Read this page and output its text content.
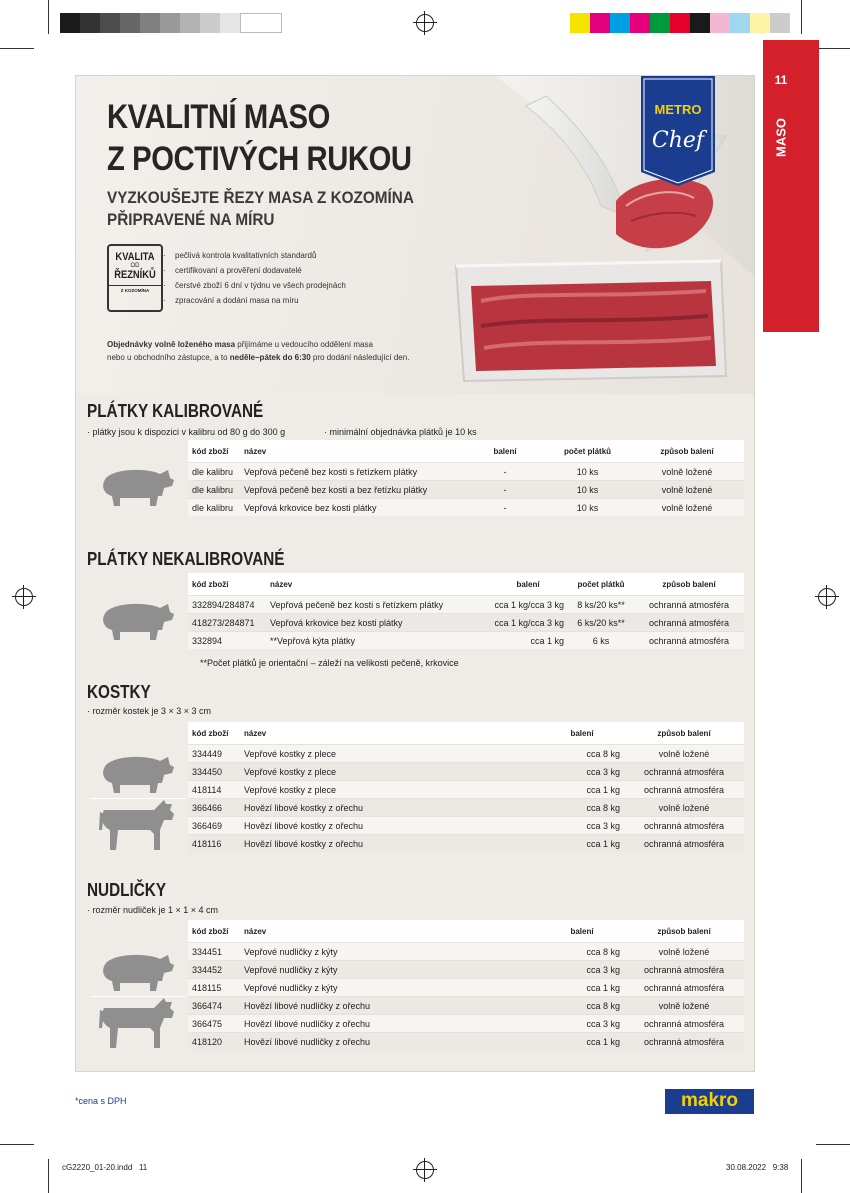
11
MASO
METRO
Chef
KVALITNÍ MASO
Z POCTIVÝCH RUKOU
VYZKOUŠEJTE ŘEZY MASA Z KOZOMÍNA
PŘIPRAVENÉ NA MÍRU
KVALITA
OD
ŘEZNÍKŮ
Z KOZOMÍNA
· pečlivá kontrola kvalitativních standardů
· certifikovaní a prověření dodavatelé
· čerstvé zboží 6 dní v týdnu ve všech prodejnách
· zpracování a dodání masa na míru
Objednávky volně loženého masa přijímáme u vedoucího oddělení masa
nebo u obchodního zástupce, a to neděle–pátek do 6:30 pro dodání následující den.
PLÁTKY KALIBROVANÉ
· plátky jsou k dispozici v kalibru od 80 g do 300 g	· minimální objednávka plátků je 10 ks
kód zboží	název	balení	počet plátků	způsob balení
dle kalibru	Vepřová pečeně bez kosti s řetízkem plátky	-	10 ks	volně ložené
dle kalibru	Vepřová pečeně bez kosti a bez řetízku plátky	-	10 ks	volně ložené
dle kalibru	Vepřová krkovice bez kosti plátky	-	10 ks	volně ložené
PLÁTKY NEKALIBROVANÉ
kód zboží	název	balení	počet plátků	způsob balení
332894/284874	Vepřová pečeně bez kosti s řetízkem plátky	cca 1 kg/cca 3 kg	8 ks/20 ks**	ochranná atmosféra
418273/284871	Vepřová krkovice bez kosti plátky	cca 1 kg/cca 3 kg	6 ks/20 ks**	ochranná atmosféra
332894	**Vepřová kýta plátky	cca 1 kg	6 ks	ochranná atmosféra
**Počet plátků je orientační – záleží na velikosti pečeně, krkovice
KOSTKY
· rozměr kostek je 3 × 3 × 3 cm
kód zboží	název	balení	způsob balení
334449	Vepřové kostky z plece	cca 8 kg	volně ložené
334450	Vepřové kostky z plece	cca 3 kg	ochranná atmosféra
418114	Vepřové kostky z plece	cca 1 kg	ochranná atmosféra
366466	Hovězí libové kostky z ořechu	cca 8 kg	volně ložené
366469	Hovězí libové kostky z ořechu	cca 3 kg	ochranná atmosféra
418116	Hovězí libové kostky z ořechu	cca 1 kg	ochranná atmosféra
NUDLIČKY
· rozměr nudliček je 1 × 1 × 4 cm
kód zboží	název	balení	způsob balení
334451	Vepřové nudličky z kýty	cca 8 kg	volně ložené
334452	Vepřové nudličky z kýty	cca 3 kg	ochranná atmosféra
418115	Vepřové nudličky z kýty	cca 1 kg	ochranná atmosféra
366474	Hovězí libové nudličky z ořechu	cca 8 kg	volně ložené
366475	Hovězí libové nudličky z ořechu	cca 3 kg	ochranná atmosféra
418120	Hovězí libové nudličky z ořechu	cca 1 kg	ochranná atmosféra
*cena s DPH	makro
cG2220_01-20.indd   11	30.08.2022   9:38
